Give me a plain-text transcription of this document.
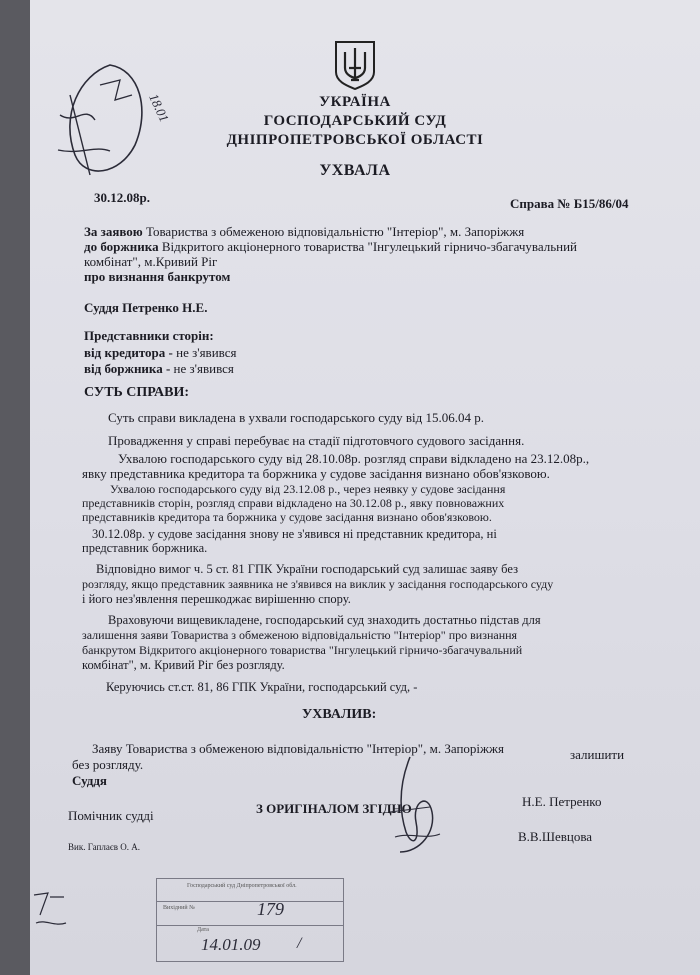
18.01	УКРАЇНА
ГОСПОДАРСЬКИЙ СУД
ДНІПРОПЕТРОВСЬКОЇ ОБЛАСТІ
УХВАЛА
30.12.08р.	Справа № Б15/86/04
За заявою Товариства з обмеженою відповідальністю "Інтеріор", м. Запоріжжя
до боржника Відкритого акціонерного товариства "Інгулецький гірничо-збагачувальний
комбінат", м.Кривий Ріг
про визнання банкрутом
Суддя Петренко Н.Е.
Представники сторін:
від кредитора - не з'явився
від боржника - не з'явився
СУТЬ СПРАВИ:
Суть справи викладена в ухвали господарського суду від 15.06.04 р.
Провадження у справі перебуває на стадії підготовчого судового засідання.
Ухвалою господарського суду від 28.10.08р. розгляд справи відкладено на 23.12.08р.,
явку представника кредитора та боржника у судове засідання визнано обов'язковою.
Ухвалою господарського суду від 23.12.08 р., через неявку у судове засідання
представників сторін, розгляд справи відкладено на 30.12.08 р., явку повноважних
представників кредитора та боржника у судове засідання визнано обов'язковою.
30.12.08р. у судове засідання знову не з'явився ні представник кредитора, ні
представник боржника.
Відповідно вимог ч. 5 ст. 81 ГПК України господарський суд залишає заяву без
розгляду, якщо представник заявника не з'явився на виклик у засідання господарського суду
і його нез'явлення перешкоджає вирішенню спору.
Враховуючи вищевикладене, господарський суд знаходить достатньо підстав для
залишення заяви Товариства з обмеженою відповідальністю "Інтеріор" про визнання
банкрутом Відкритого акціонерного товариства "Інгулецький гірничо-збагачувальний
комбінат", м. Кривий Ріг без розгляду.
Керуючись ст.ст. 81, 86 ГПК України, господарський суд, -
УХВАЛИВ:
Заяву Товариства з обмеженою відповідальністю "Інтеріор", м. Запоріжжя	залишити
без розгляду.
Суддя
Помічник судді	З ОРИГІНАЛОМ ЗГІДНО	Н.Е. Петренко
В.В.Шевцова
Вик. Гаплаєв О. А.
Господарський суд Дніпропетровської обл.
Вихідний №	179
Дата
14.01.09 /
